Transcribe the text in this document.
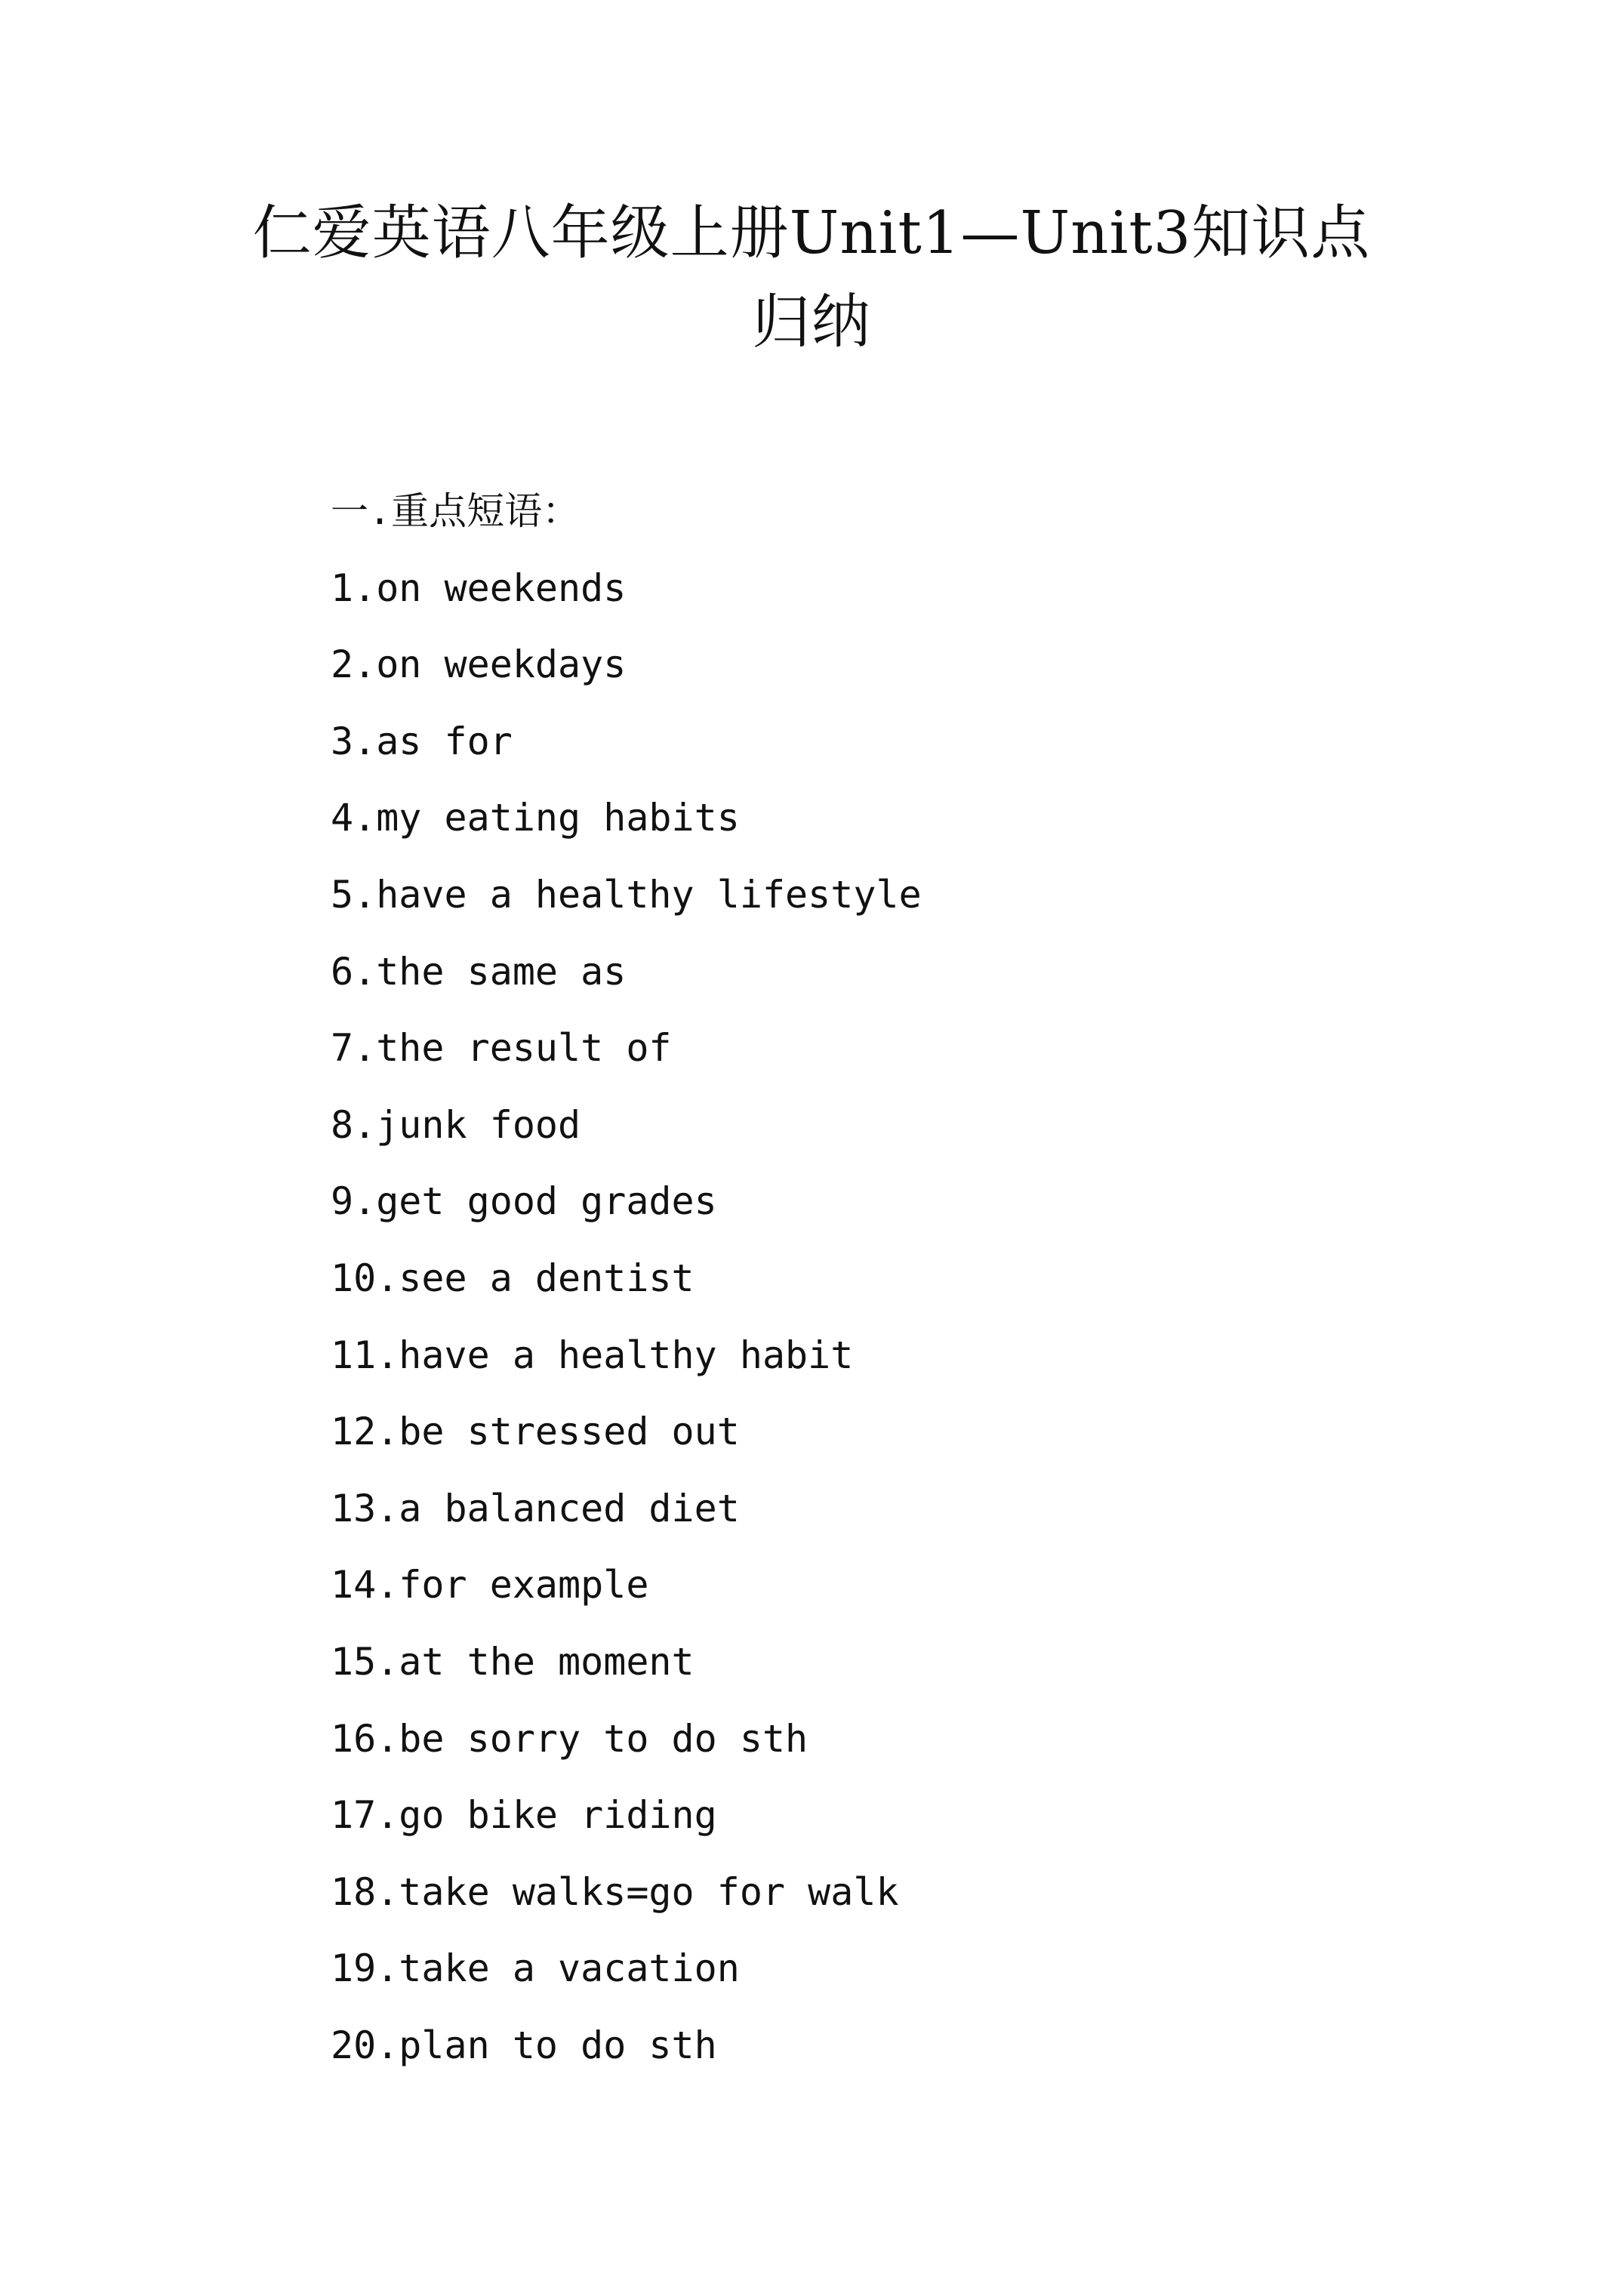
仁爱英语八年级上册Unit1—Unit3知识点
归纳
一.重点短语：
1.on weekends
2.on weekdays
3.as for
4.my eating habits
5.have a healthy lifestyle
6.the same as
7.the result of
8.junk food
9.get good grades
10.see a dentist
11.have a healthy habit
12.be stressed out
13.a balanced diet
14.for example
15.at the moment
16.be sorry to do sth
17.go bike riding
18.take walks=go for walk
19.take a vacation
20.plan to do sth
